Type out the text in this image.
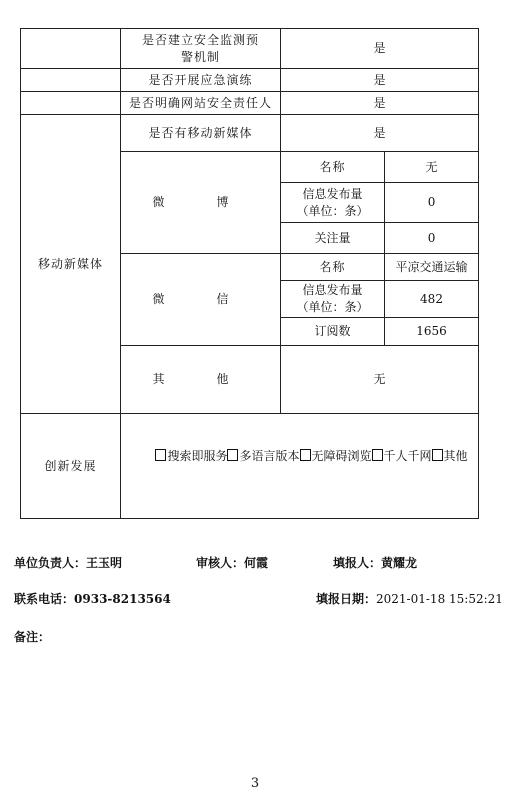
	是否建立安全监测预警机制	是	
	是否开展应急演练	是	
	是否明确网站安全责任人	是	
移动新媒体	是否有移动新媒体	是	
	微　博	名称	无

		信息发布量
（单位：条）	0
		关注量	0
	微　信	名称	平凉交通运输

		信息发布量
（单位：条）	482
		订阅数	1656
	其　他	无	
创新发展	搜索即服务 多语言版本 无障碍浏览 千人千网 其他		
单位负责人：王玉明	审核人：何霞	填报人：黄耀龙
联系电话：0933-8213564	填报日期：2021-01-18 15:52:21
备注：
3
